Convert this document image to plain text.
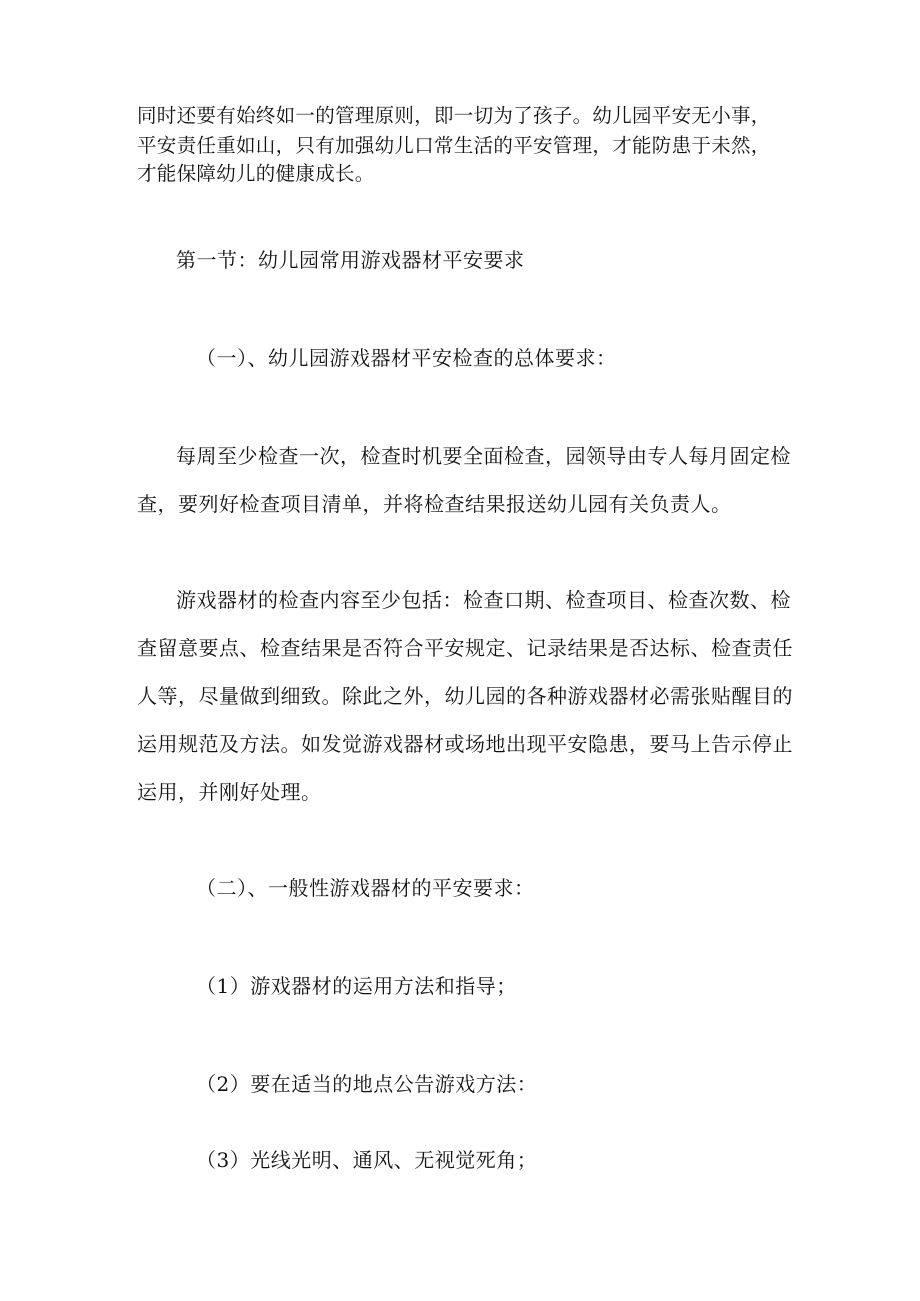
同时还要有始终如一的管理原则，即一切为了孩子。幼儿园平安无小事，

平安责任重如山，只有加强幼儿口常生活的平安管理，才能防患于未然，

才能保障幼儿的健康成长。

第一节：幼儿园常用游戏器材平安要求

（一）、幼儿园游戏器材平安检查的总体要求：

每周至少检查一次，检查时机要全面检查，园领导由专人每月固定检

查，要列好检查项目清单，并将检查结果报送幼儿园有关负责人。

游戏器材的检查内容至少包括：检查口期、检查项目、检查次数、检

查留意要点、检查结果是否符合平安规定、记录结果是否达标、检查责任

人等，尽量做到细致。除此之外，幼儿园的各种游戏器材必需张贴醒目的

运用规范及方法。如发觉游戏器材或场地出现平安隐患，要马上告示停止

运用，并刚好处理。

（二）、一般性游戏器材的平安要求：

（1）游戏器材的运用方法和指导；

（2）要在适当的地点公告游戏方法：

（3）光线光明、通风、无视觉死角；
